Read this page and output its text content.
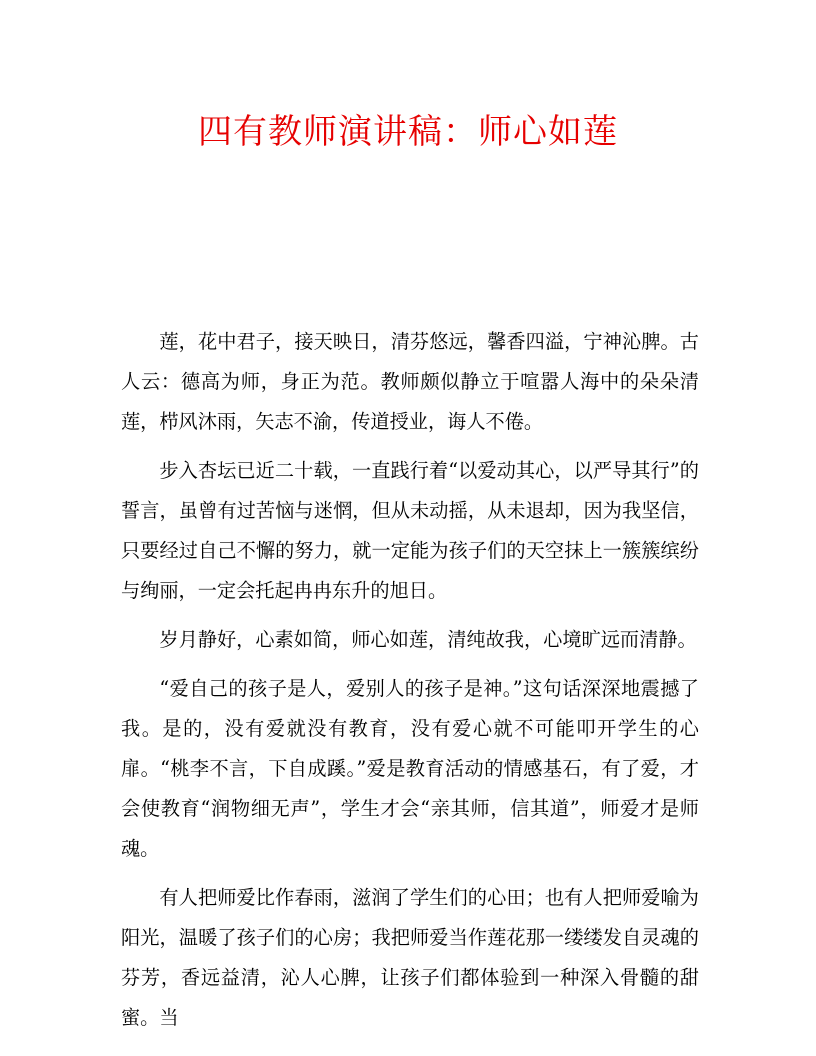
四有教师演讲稿：师心如莲

莲，花中君子，接天映日，清芬悠远，馨香四溢，宁神沁脾。古人云：德高为师，身正为范。教师颇似静立于喧嚣人海中的朵朵清莲，栉风沐雨，矢志不渝，传道授业，诲人不倦。

步入杏坛已近二十载，一直践行着“以爱动其心，以严导其行”的誓言，虽曾有过苦恼与迷惘，但从未动摇，从未退却，因为我坚信，只要经过自己不懈的努力，就一定能为孩子们的天空抹上一簇簇缤纷与绚丽，一定会托起冉冉东升的旭日。

岁月静好，心素如简，师心如莲，清纯故我，心境旷远而清静。

“爱自己的孩子是人，爱别人的孩子是神。”这句话深深地震撼了我。是的，没有爱就没有教育，没有爱心就不可能叩开学生的心扉。“桃李不言，下自成蹊。”爱是教育活动的情感基石，有了爱，才会使教育“润物细无声”，学生才会“亲其师，信其道”，师爱才是师魂。

有人把师爱比作春雨，滋润了学生们的心田；也有人把师爱喻为阳光，温暖了孩子们的心房；我把师爱当作莲花那一缕缕发自灵魂的芬芳，香远益清，沁人心脾，让孩子们都体验到一种深入骨髓的甜蜜。当
